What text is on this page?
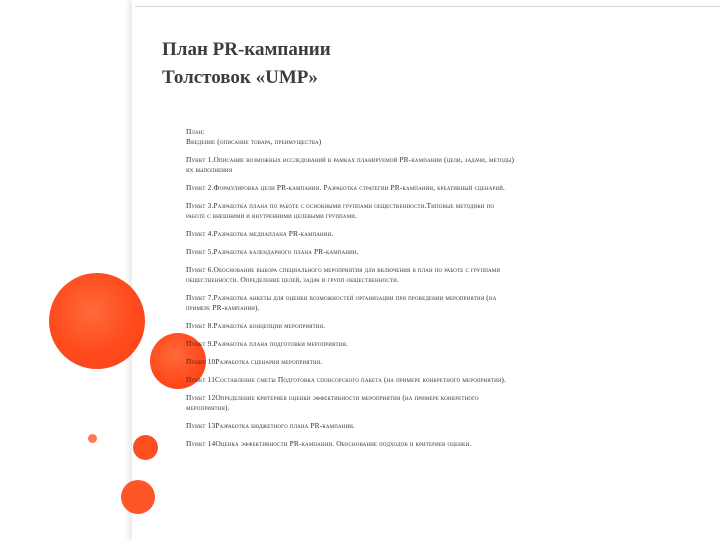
План PR-кампании
Толстовок «UMP»
План:
Введение (описание товара, преимущества)
Пункт 1.Описание возможных исследований в рамках планируемой PR-кампании (цели, задачи, методы)
их выполнения
Пункт 2.Формулировка цели PR-кампании. Разработка стратегии PR-кампании, креативный сценарий.
Пункт 3.Разработка плана по работе с основными группами общественности.Типовые методики по
работе с внешними и внутренними целевыми группами.
Пункт 4.Разработка медиаплана PR-кампании.
Пункт 5.Разработка календарного плана PR-кампании.
Пункт 6.Обоснование выбора специального мероприятия для включения в план по работе с группами
общественности. Определение целей, задач и групп общественности.
Пункт 7.Разработка анкеты для оценки возможностей организации при проведении мероприятия (на
примере PR-кампании).
Пункт 8.Разработка концепции мероприятия.
Пункт 9.Разработка плана подготовки мероприятия.
Пункт 10Разработка сценария мероприятия.
Пункт 11Составление сметы Подготовка спонсорского пакета (на примере конкретного мероприятия).
Пункт 12Определение критериев оценки эффективности мероприятия (на примере конкретного
мероприятия).
Пункт 13Разработка бюджетного плана PR-кампании.
Пункт 14Оценка эффективности PR-кампании. Обоснование подходов и критериев оценки.
